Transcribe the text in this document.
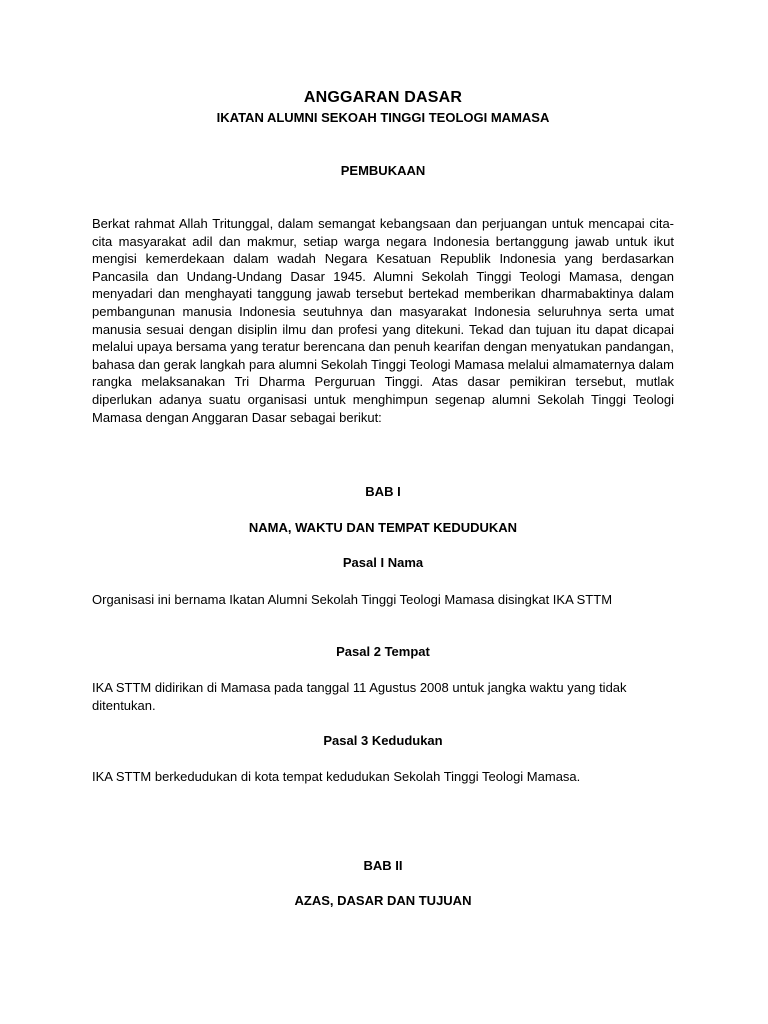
ANGGARAN DASAR
IKATAN ALUMNI SEKOAH TINGGI TEOLOGI MAMASA
PEMBUKAAN
Berkat rahmat Allah Tritunggal, dalam semangat kebangsaan dan perjuangan untuk mencapai cita-cita masyarakat adil dan makmur, setiap warga negara Indonesia bertanggung jawab untuk ikut mengisi kemerdekaan dalam wadah Negara Kesatuan Republik Indonesia yang berdasarkan Pancasila dan Undang-Undang Dasar 1945. Alumni Sekolah Tinggi Teologi Mamasa, dengan menyadari dan menghayati tanggung jawab tersebut bertekad memberikan dharmabaktinya dalam pembangunan manusia Indonesia seutuhnya dan masyarakat Indonesia seluruhnya serta umat manusia sesuai dengan disiplin ilmu dan profesi yang ditekuni. Tekad dan tujuan itu dapat dicapai melalui upaya bersama yang teratur berencana dan penuh kearifan dengan menyatukan pandangan, bahasa dan gerak langkah para alumni Sekolah Tinggi Teologi Mamasa melalui almamaternya dalam rangka melaksanakan Tri Dharma Perguruan Tinggi. Atas dasar pemikiran tersebut, mutlak diperlukan adanya suatu organisasi untuk menghimpun segenap alumni Sekolah Tinggi Teologi Mamasa dengan Anggaran Dasar sebagai berikut:
BAB I
NAMA, WAKTU DAN TEMPAT KEDUDUKAN
Pasal I Nama
Organisasi ini bernama Ikatan Alumni Sekolah Tinggi Teologi Mamasa disingkat IKA STTM
Pasal 2 Tempat
IKA STTM didirikan di Mamasa pada tanggal 11 Agustus 2008 untuk jangka waktu yang tidak ditentukan.
Pasal 3 Kedudukan
IKA STTM berkedudukan di kota tempat kedudukan Sekolah Tinggi Teologi Mamasa.
BAB II
AZAS, DASAR DAN TUJUAN
